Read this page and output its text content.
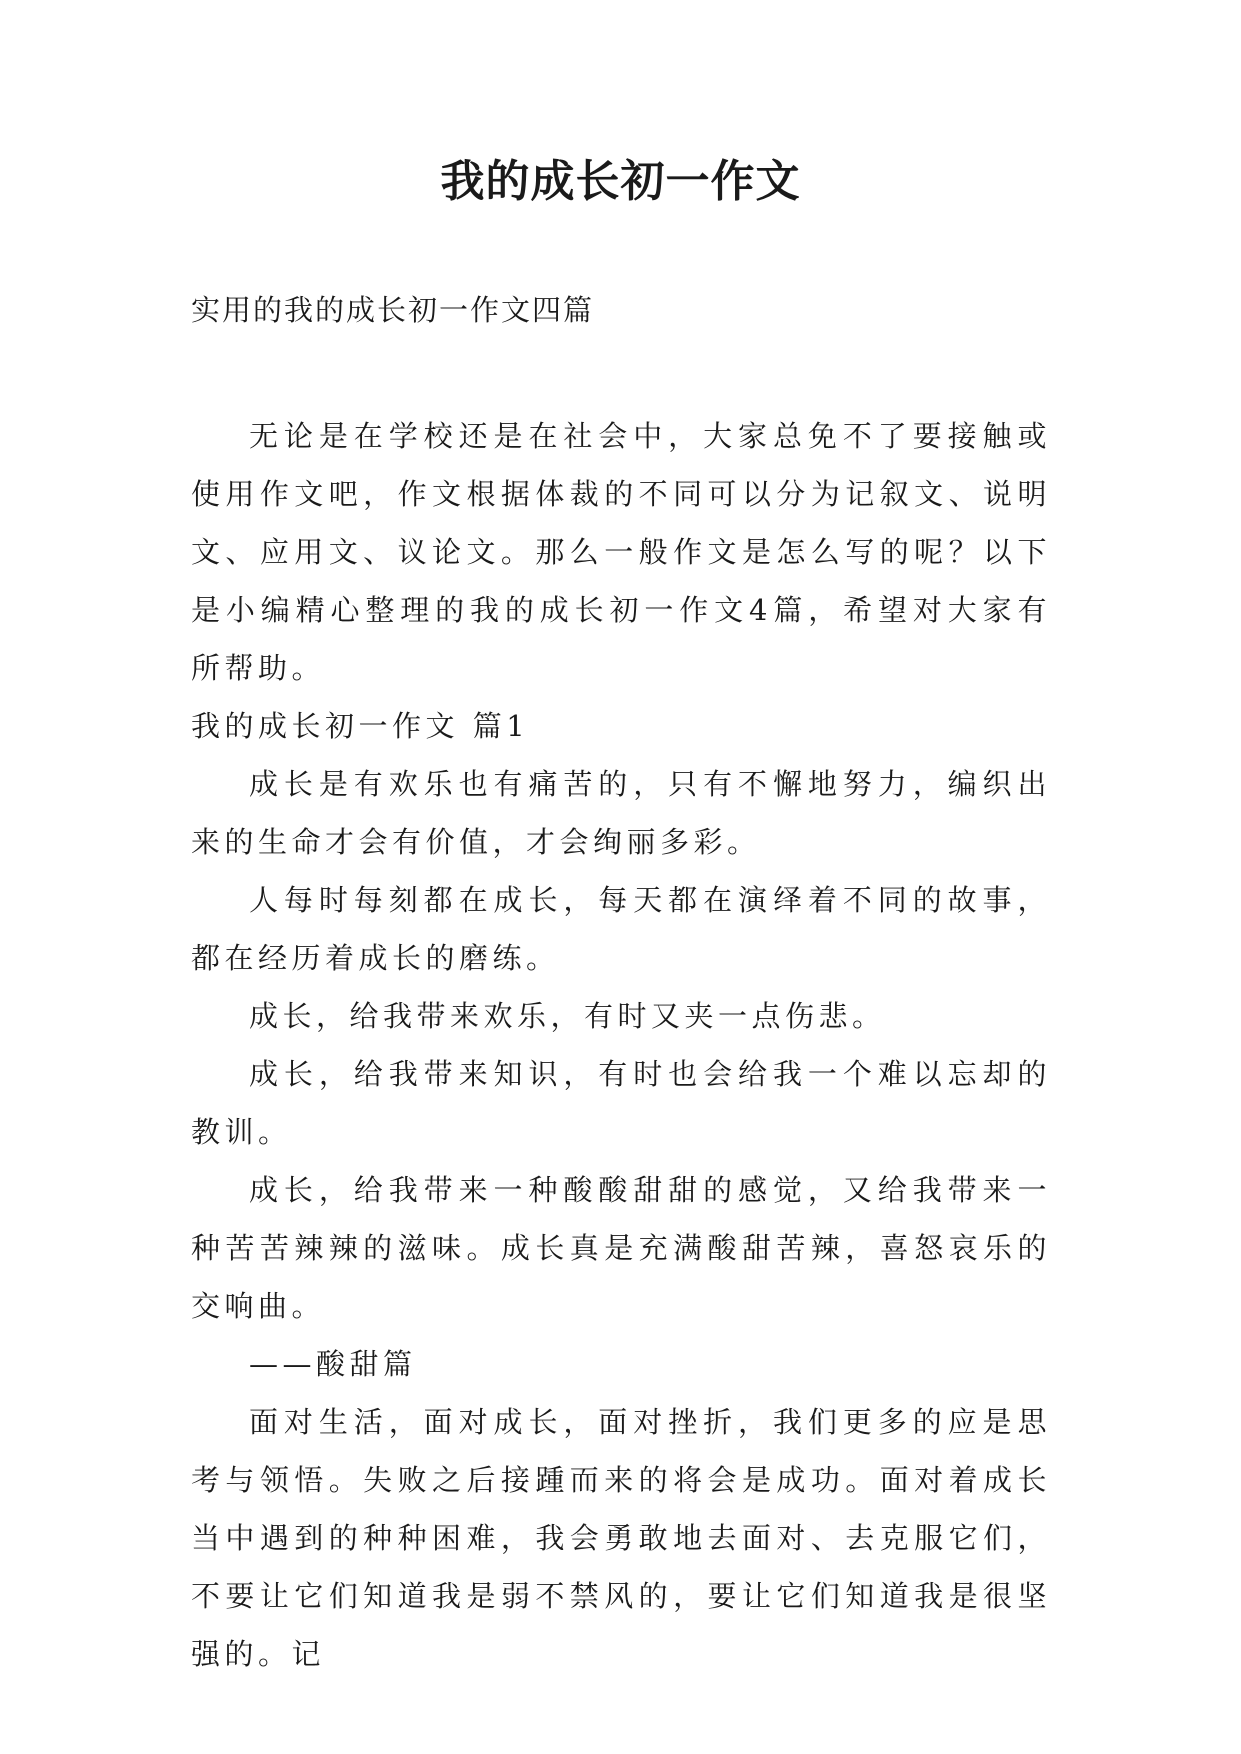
我的成长初一作文
实用的我的成长初一作文四篇

无论是在学校还是在社会中，大家总免不了要接触或使用作文吧，作文根据体裁的不同可以分为记叙文、说明文、应用文、议论文。那么一般作文是怎么写的呢？以下是小编精心整理的我的成长初一作文4篇，希望对大家有所帮助。

我的成长初一作文 篇1

成长是有欢乐也有痛苦的，只有不懈地努力，编织出来的生命才会有价值，才会绚丽多彩。

人每时每刻都在成长，每天都在演绎着不同的故事，都在经历着成长的磨练。

成长，给我带来欢乐，有时又夹一点伤悲。

成长，给我带来知识，有时也会给我一个难以忘却的教训。

成长，给我带来一种酸酸甜甜的感觉，又给我带来一种苦苦辣辣的滋味。成长真是充满酸甜苦辣，喜怒哀乐的交响曲。

——酸甜篇

面对生活，面对成长，面对挫折，我们更多的应是思考与领悟。失败之后接踵而来的将会是成功。面对着成长当中遇到的种种困难，我会勇敢地去面对、去克服它们，不要让它们知道我是弱不禁风的，要让它们知道我是很坚强的。记
